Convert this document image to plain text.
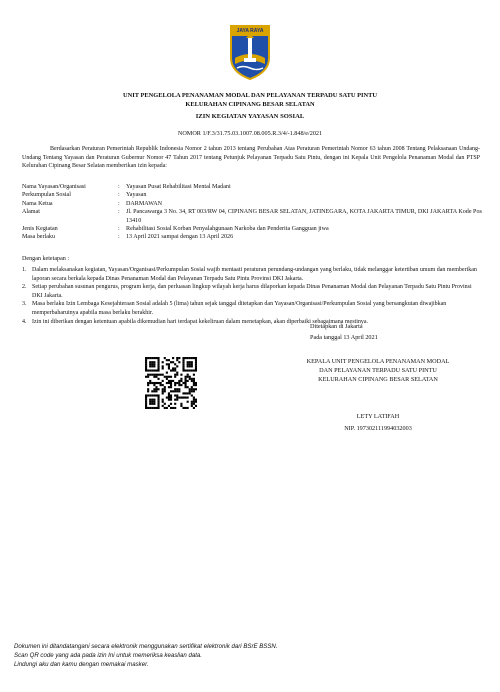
JAYA RAYA
UNIT PENGELOLA PENANAMAN MODAL DAN PELAYANAN TERPADU SATU PINTU
KELURAHAN CIPINANG BESAR SELATAN
IZIN KEGIATAN YAYASAN SOSIAL
NOMOR 1/F.3/31.75.03.1007.08.005.R.3/4/-1.848/e/2021
Berdasarkan Peraturan Pemerintah Republik Indonesia Nomor 2 tahun 2013 tentang Perubahan Atas Peraturan Pemerintah Nomor 63 tahun 2008 Tentang Pelaksanaan Undang-Undang Tentang Yayasan dan Peraturan Gubernur Nomor 47 Tahun 2017 tentang Petunjuk Pelayanan Terpadu Satu Pintu, dengan ini Kepala Unit Pengelola Penanaman Modal dan PTSP Kelurahan Cipinang Besar Selatan memberikan izin kepada:
Nama Yayasan/Organisasi	:	Yayasan Pusat Rehabilitasi Mental Madani
Perkumpulan Sosial	:	Yayasan
Nama Ketua	:	DARMAWAN
Alamat	:	Jl. Pancawarga 3 No. 34, RT 003/RW 04, CIPINANG BESAR SELATAN, JATINEGARA, KOTA JAKARTA TIMUR, DKI JAKARTA Kode Pos 13410
Jenis Kegiatan	:	Rehabilitasi Sosial Korban Penyalahgunaan Narkoba dan Penderita Gangguan jiwa
Masa berlaku	:	13 April 2021 sampai dengan 13 April 2026
Dengan ketetapan :
1. Dalam melaksanakan kegiatan, Yayasan/Organisasi/Perkumpulan Sosial wajib mentaati peraturan perundang-undangan yang berlaku, tidak melanggar ketertiban umum dan memberikan laporan secara berkala kepada Dinas Penanaman Modal dan Pelayanan Terpadu Satu Pintu Provinsi DKI Jakarta.
2. Setiap perubahan susunan pengurus, program kerja, dan perluasan lingkup wilayah kerja harus dilaporkan kepada Dinas Penanaman Modal dan Pelayanan Terpadu Satu Pintu Provinsi DKI Jakarta.
3. Masa berlaku Izin Lembaga Kesejahteraan Sosial adalah 5 (lima) tahun sejak tanggal ditetapkan dan Yayasan/Organisasi/Perkumpulan Sosial yang bersangkutan diwajibkan memperbaharuinya apabila masa berlaku berakhir.
4. Izin ini diberikan dengan ketentuan apabila dikemudian hari terdapat kekeliruan dalam menetapkan, akan diperbaiki sebagaimana mestinya.
Ditetapkan di Jakarta
Pada tanggal 13 April 2021
KEPALA UNIT PENGELOLA PENANAMAN MODAL
DAN PELAYANAN TERPADU SATU PINTU
KELURAHAN CIPINANG BESAR SELATAN
LETY LATIFAH
NIP. 197302111994032003
Dokumen ini ditandatangani secara elektronik menggunakan sertifikat elektronik dari BSrE BSSN.
Scan QR code yang ada pada izin Ini untuk memeriksa keaslian data.
Lindungi aku dan kamu dengan memakai masker.
